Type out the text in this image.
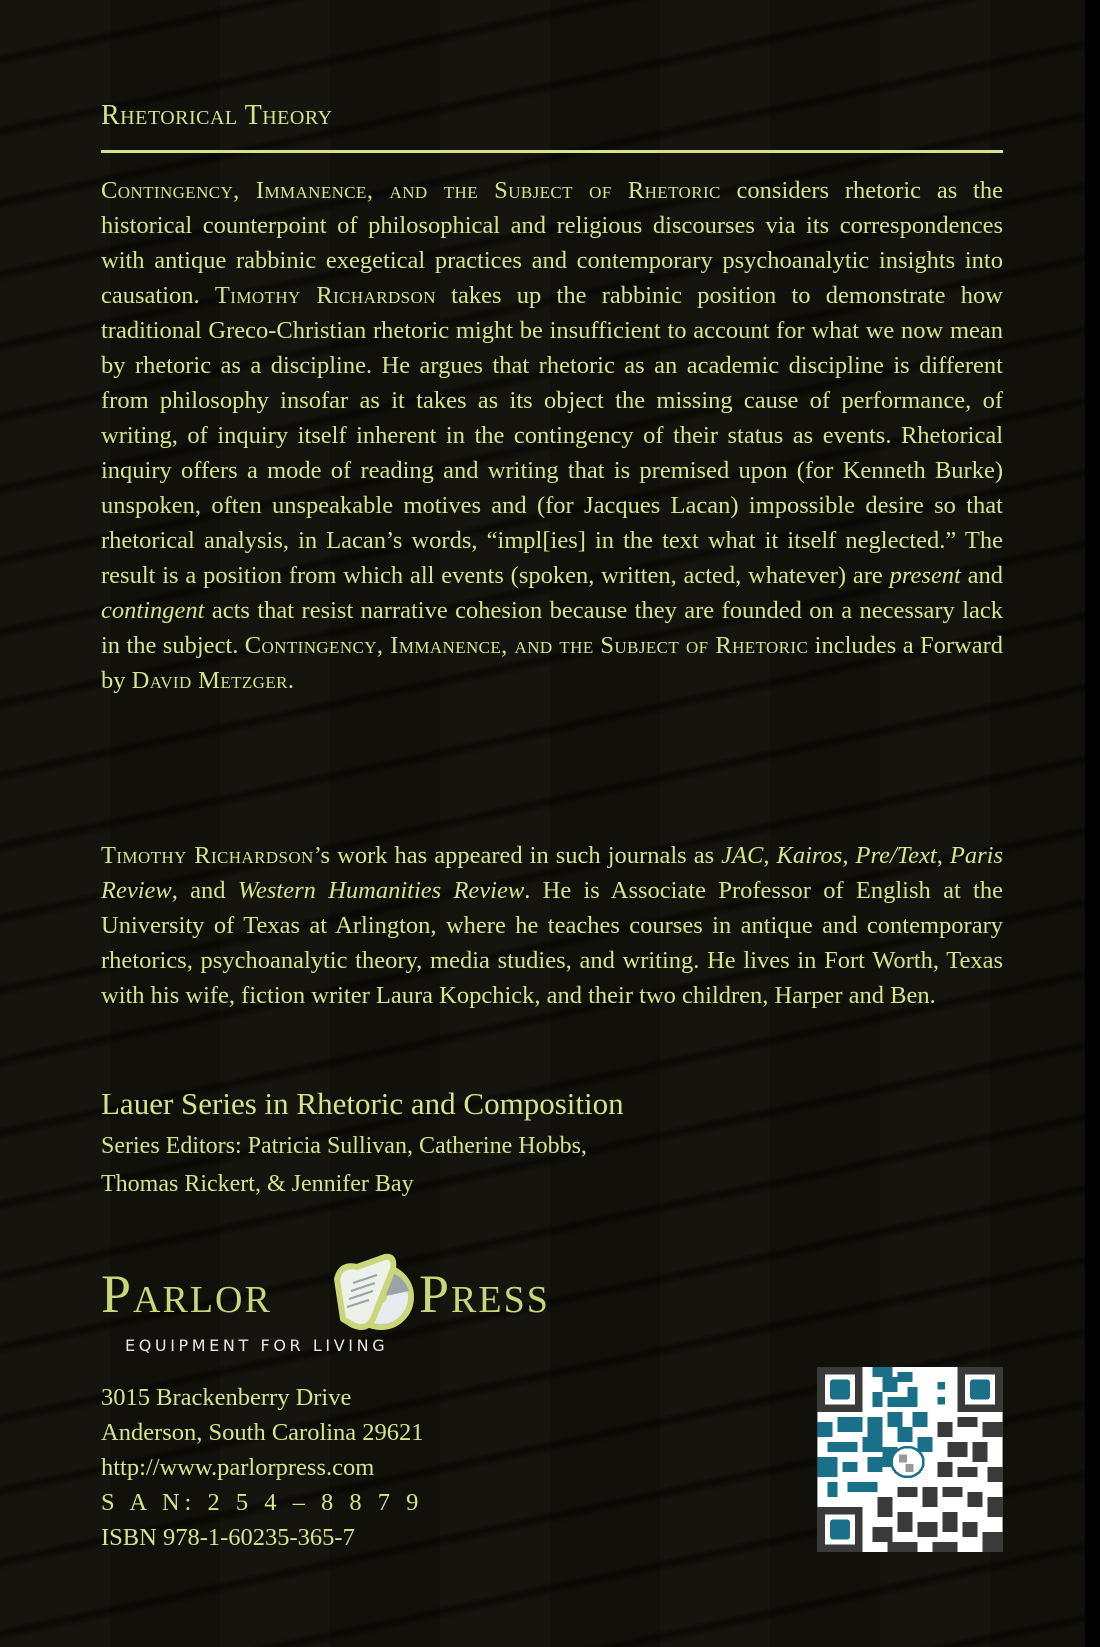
Rhetorical Theory

Contingency, Immanence, and the Subject of Rhetoric considers rhetoric as the historical counterpoint of philosophical and religious discourses via its correspondences with antique rabbinic exegetical practices and contemporary psychoanalytic insights into causation. Timothy Richardson takes up the rabbinic position to demonstrate how traditional Greco-Christian rhetoric might be insufficient to account for what we now mean by rhetoric as a discipline. He argues that rhetoric as an academic discipline is different from philosophy insofar as it takes as its object the missing cause of performance, of writing, of inquiry itself inherent in the contingency of their status as events. Rhetorical inquiry offers a mode of reading and writing that is premised upon (for Kenneth Burke) unspoken, often unspeakable motives and (for Jacques Lacan) impossible desire so that rhetorical analysis, in Lacan’s words, “impl[ies] in the text what it itself neglected.” The result is a position from which all events (spoken, written, acted, whatever) are present and contingent acts that resist narrative cohesion because they are founded on a necessary lack in the subject. Contingency, Immanence, and the Subject of Rhetoric includes a Forward by David Metzger.

Timothy Richardson’s work has appeared in such journals as JAC, Kairos, Pre/Text, Paris Review, and Western Humanities Review. He is Associate Professor of English at the University of Texas at Arlington, where he teaches courses in antique and contemporary rhetorics, psychoanalytic theory, media studies, and writing. He lives in Fort Worth, Texas with his wife, fiction writer Laura Kopchick, and their two children, Harper and Ben.

Lauer Series in Rhetoric and Composition
Series Editors: Patricia Sullivan, Catherine Hobbs,
Thomas Rickert, & Jennifer Bay
Parlor	Press
EQUIPMENT FOR LIVING
3015 Brackenberry Drive
Anderson, South Carolina 29621
http://www.parlorpress.com
S A N: 2 5 4 – 8 8 7 9
ISBN 978-1-60235-365-7
